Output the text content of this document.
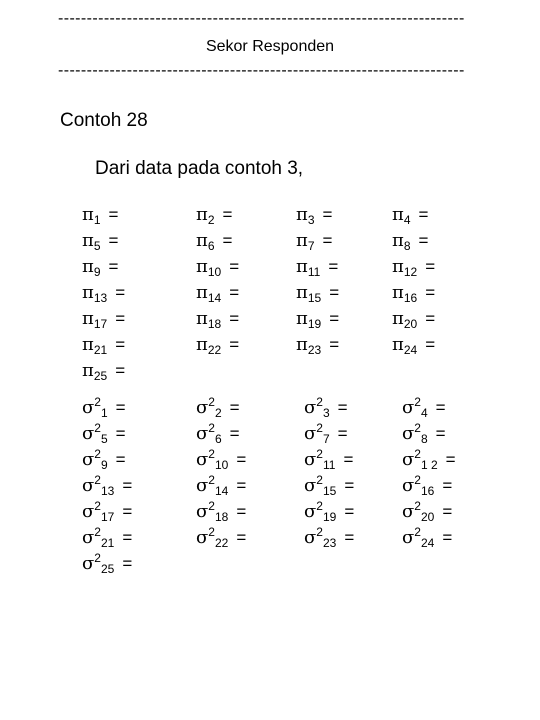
-----------------------------------------------------------------------
Sekor Responden
-----------------------------------------------------------------------
Contoh 28
Dari data pada contoh 3,
$\pi_1$ =	$\pi_2$ =	$\pi_3$ =	$\pi_4$ =
$\pi_5$ =	$\pi_6$ =	$\pi_7$ =	$\pi_8$ =
$\pi_9$ =	$\pi_{10}$ =	$\pi_{11}$ =	$\pi_{12}$ =
$\pi_{13}$ =	$\pi_{14}$ =	$\pi_{15}$ =	$\pi_{16}$ =
$\pi_{17}$ =	$\pi_{18}$ =	$\pi_{19}$ =	$\pi_{20}$ =
$\pi_{21}$ =	$\pi_{22}$ =	$\pi_{23}$ =	$\pi_{24}$ =
$\pi_{25}$ =
$\sigma^2_1$ =	$\sigma^2_2$ =	$\sigma^2_3$ =	$\sigma^2_4$ =
$\sigma^2_5$ =	$\sigma^2_6$ =	$\sigma^2_7$ =	$\sigma^2_8$ =
$\sigma^2_9$ =	$\sigma^2_{10}$ =	$\sigma^2_{11}$ =	$\sigma^2_{1 2}$ =
$\sigma^2_{13}$ =	$\sigma^2_{14}$ =	$\sigma^2_{15}$ =	$\sigma^2_{16}$ =
$\sigma^2_{17}$ =	$\sigma^2_{18}$ =	$\sigma^2_{19}$ =	$\sigma^2_{20}$ =
$\sigma^2_{21}$ =	$\sigma^2_{22}$ =	$\sigma^2_{23}$ =	$\sigma^2_{24}$ =
$\sigma^2_{25}$ =
